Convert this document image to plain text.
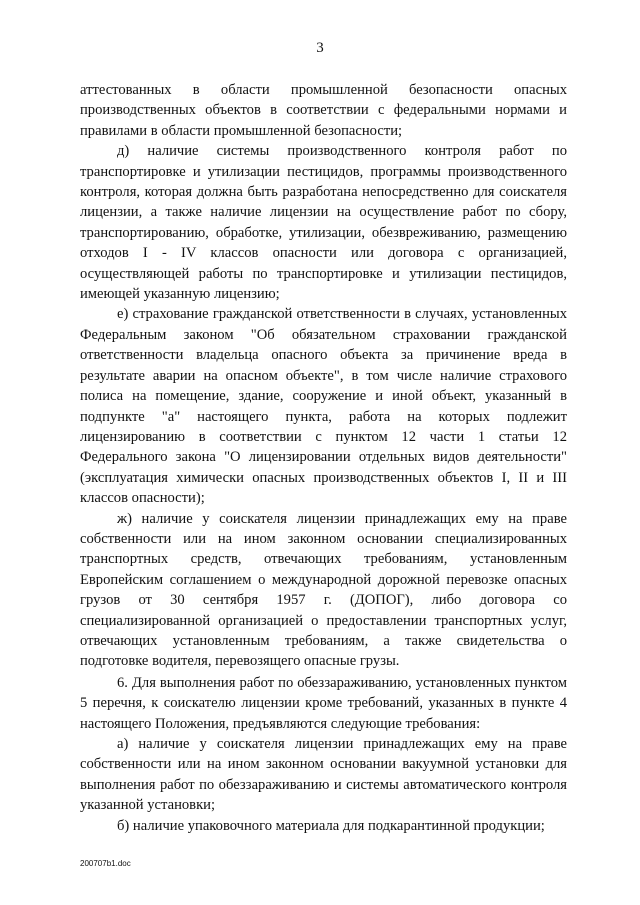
3

аттестованных в области промышленной безопасности опасных производственных объектов в соответствии с федеральными нормами и правилами в области промышленной безопасности;

д) наличие системы производственного контроля работ по транспортировке и утилизации пестицидов, программы производственного контроля, которая должна быть разработана непосредственно для соискателя лицензии, а также наличие лицензии на осуществление работ по сбору, транспортированию, обработке, утилизации, обезвреживанию, размещению отходов I - IV классов опасности или договора с организацией, осуществляющей работы по транспортировке и утилизации пестицидов, имеющей указанную лицензию;

е) страхование гражданской ответственности в случаях, установленных Федеральным законом "Об обязательном страховании гражданской ответственности владельца опасного объекта за причинение вреда в результате аварии на опасном объекте", в том числе наличие страхового полиса на помещение, здание, сооружение и иной объект, указанный в подпункте "а" настоящего пункта, работа на которых подлежит лицензированию в соответствии с пунктом 12 части 1 статьи 12 Федерального закона "О лицензировании отдельных видов деятельности" (эксплуатация химически опасных производственных объектов I, II и III классов опасности);

ж) наличие у соискателя лицензии принадлежащих ему на праве собственности или на ином законном основании специализированных транспортных средств, отвечающих требованиям, установленным Европейским соглашением о международной дорожной перевозке опасных грузов от 30 сентября 1957 г. (ДОПОГ), либо договора со специализированной организацией о предоставлении транспортных услуг, отвечающих установленным требованиям, а также свидетельства о подготовке водителя, перевозящего опасные грузы.

6. Для выполнения работ по обеззараживанию, установленных пунктом 5 перечня, к соискателю лицензии кроме требований, указанных в пункте 4 настоящего Положения, предъявляются следующие требования:

а) наличие у соискателя лицензии принадлежащих ему на праве собственности или на ином законном основании вакуумной установки для выполнения работ по обеззараживанию и системы автоматического контроля указанной установки;

б) наличие упаковочного материала для подкарантинной продукции;

200707b1.doc
